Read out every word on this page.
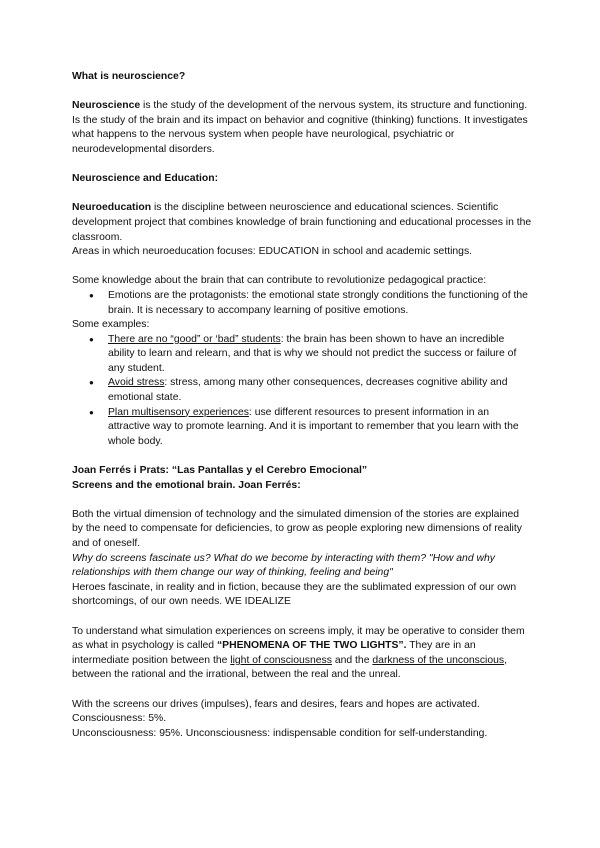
What is neuroscience?

Neuroscience is the study of the development of the nervous system, its structure and functioning. Is the study of the brain and its impact on behavior and cognitive (thinking) functions. It investigates what happens to the nervous system when people have neurological, psychiatric or neurodevelopmental disorders.

Neuroscience and Education:

Neuroeducation is the discipline between neuroscience and educational sciences. Scientific development project that combines knowledge of brain functioning and educational processes in the classroom.

Areas in which neuroeducation focuses: EDUCATION in school and academic settings.

Some knowledge about the brain that can contribute to revolutionize pedagogical practice:

● Emotions are the protagonists: the emotional state strongly conditions the functioning of the brain. It is necessary to accompany learning of positive emotions.

Some examples:

● There are no “good” or ‘bad” students: the brain has been shown to have an incredible ability to learn and relearn, and that is why we should not predict the success or failure of any student.
● Avoid stress: stress, among many other consequences, decreases cognitive ability and emotional state.
● Plan multisensory experiences: use different resources to present information in an attractive way to promote learning. And it is important to remember that you learn with the whole body.

Joan Ferrés i Prats: “Las Pantallas y el Cerebro Emocional”

Screens and the emotional brain. Joan Ferrés:

Both the virtual dimension of technology and the simulated dimension of the stories are explained by the need to compensate for deficiencies, to grow as people exploring new dimensions of reality and of oneself.

Why do screens fascinate us? What do we become by interacting with them? "How and why relationships with them change our way of thinking, feeling and being"

Heroes fascinate, in reality and in fiction, because they are the sublimated expression of our own shortcomings, of our own needs. WE IDEALIZE

To understand what simulation experiences on screens imply, it may be operative to consider them as what in psychology is called “PHENOMENA OF THE TWO LIGHTS”. They are in an intermediate position between the light of consciousness and the darkness of the unconscious, between the rational and the irrational, between the real and the unreal.

With the screens our drives (impulses), fears and desires, fears and hopes are activated.

Consciousness: 5%.

Unconsciousness: 95%. Unconsciousness: indispensable condition for self-understanding.
